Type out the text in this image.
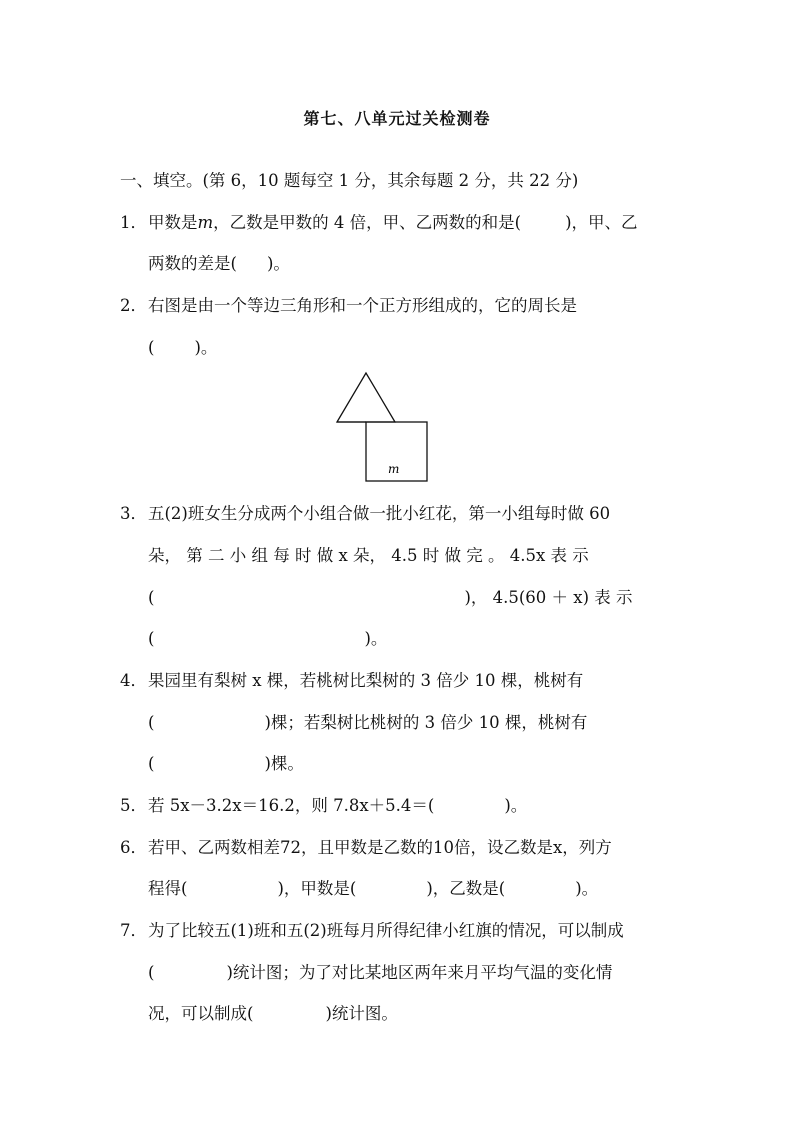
第七、八单元过关检测卷
一、填空。(第 6，10 题每空 1 分，其余每题 2 分，共 22 分)
1．甲数是m，乙数是甲数的 4 倍，甲、乙两数的和是(	)，甲、乙
两数的差是( )。
2．右图是由一个等边三角形和一个正方形组成的，它的周长是
( )。
m
3．五(2)班女生分成两个小组合做一批小红花，第一小组每时做 60
朵， 第 二 小 组 每 时 做 x 朵， 4.5 时 做 完 。 4.5x 表 示
(	)， 4.5(60 ＋ x) 表 示
(	)。
4．果园里有梨树 x 棵，若桃树比梨树的 3 倍少 10 棵，桃树有
(	)棵；若梨树比桃树的 3 倍少 10 棵，桃树有
(	)棵。
5．若 5x－3.2x＝16.2，则 7.8x＋5.4＝(	)。
6．若甲、乙两数相差72，且甲数是乙数的10倍，设乙数是x，列方
程得(	)，甲数是(	)，乙数是(	)。
7．为了比较五(1)班和五(2)班每月所得纪律小红旗的情况，可以制成
(	)统计图；为了对比某地区两年来月平均气温的变化情
况，可以制成(	)统计图。
